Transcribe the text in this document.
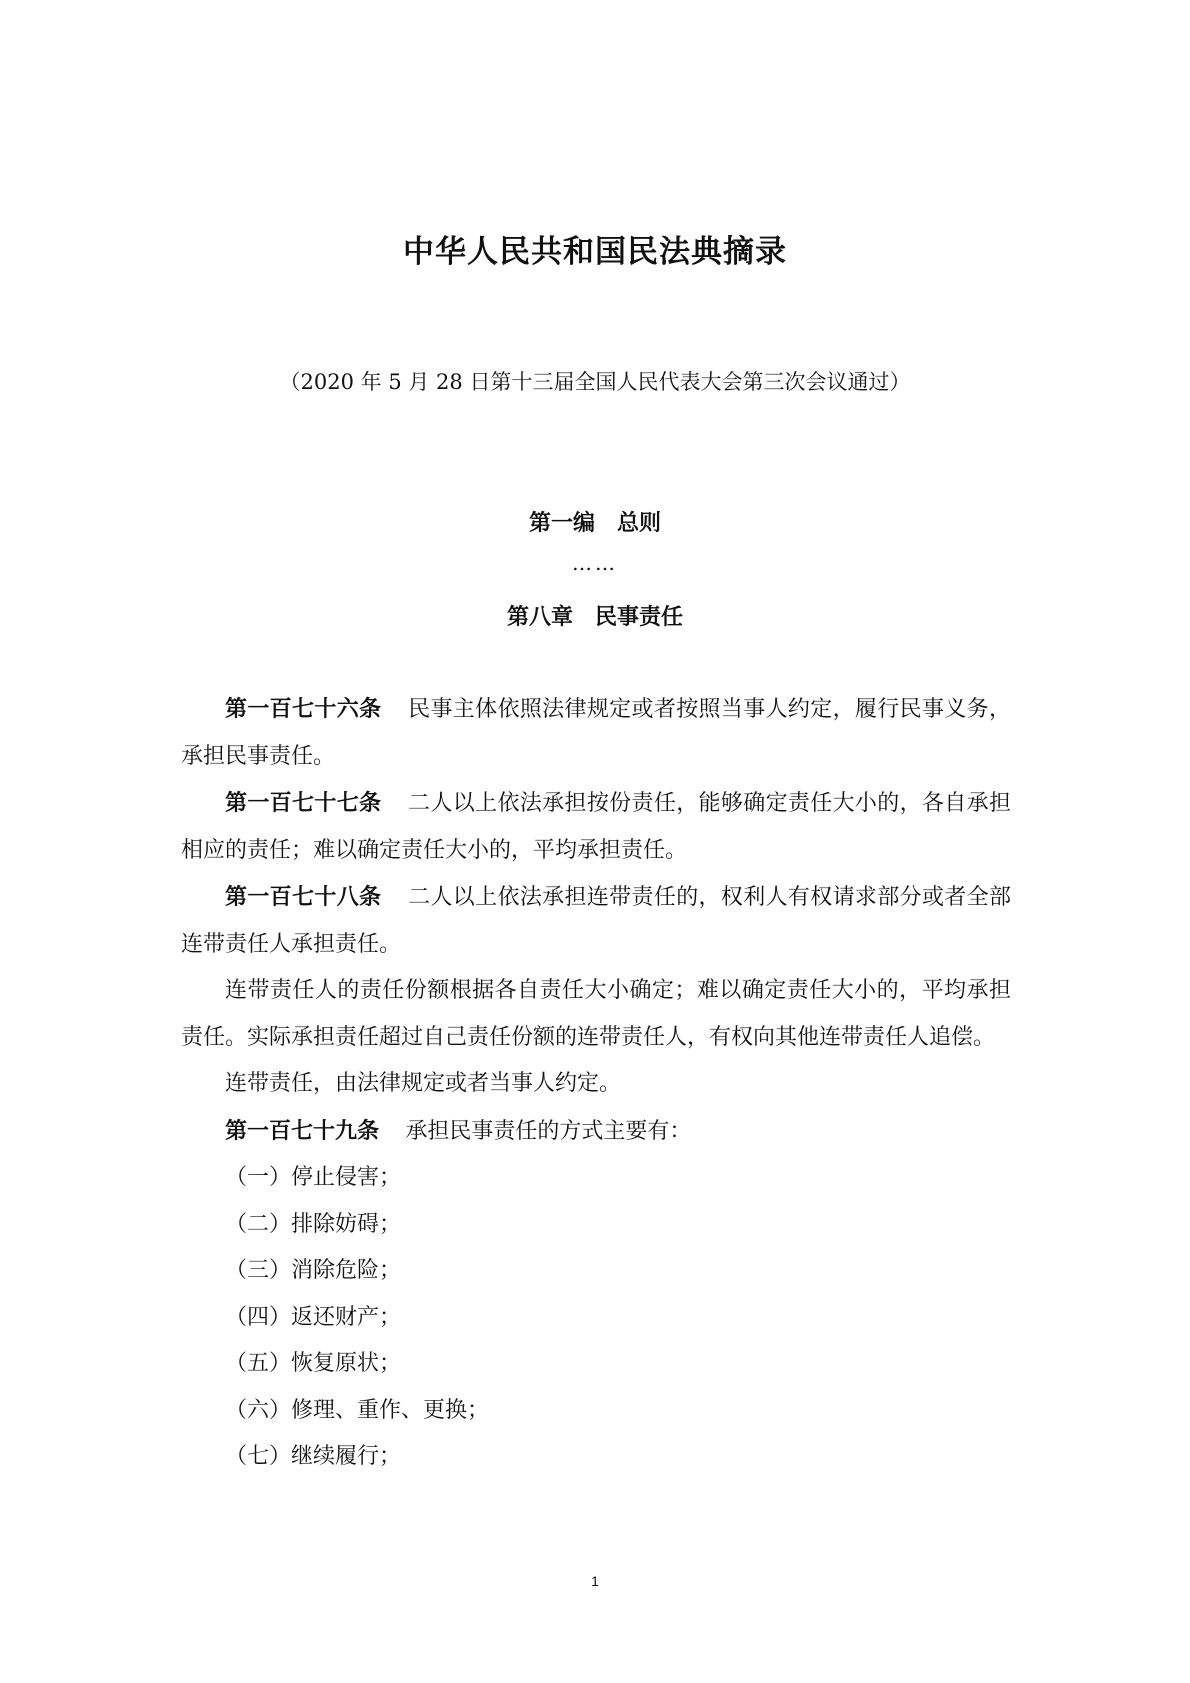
中华人民共和国民法典摘录
（2020 年 5 月 28 日第十三届全国人民代表大会第三次会议通过）
第一编　总则
……
第八章　民事责任

第一百七十六条 民事主体依照法律规定或者按照当事人约定，履行民事义务，承担民事责任。

第一百七十七条 二人以上依法承担按份责任，能够确定责任大小的，各自承担相应的责任；难以确定责任大小的，平均承担责任。

第一百七十八条 二人以上依法承担连带责任的，权利人有权请求部分或者全部连带责任人承担责任。

连带责任人的责任份额根据各自责任大小确定；难以确定责任大小的，平均承担责任。实际承担责任超过自己责任份额的连带责任人，有权向其他连带责任人追偿。

连带责任，由法律规定或者当事人约定。

第一百七十九条 承担民事责任的方式主要有：

（一）停止侵害；

（二）排除妨碍；

（三）消除危险；

（四）返还财产；

（五）恢复原状；

（六）修理、重作、更换；

（七）继续履行；

1
